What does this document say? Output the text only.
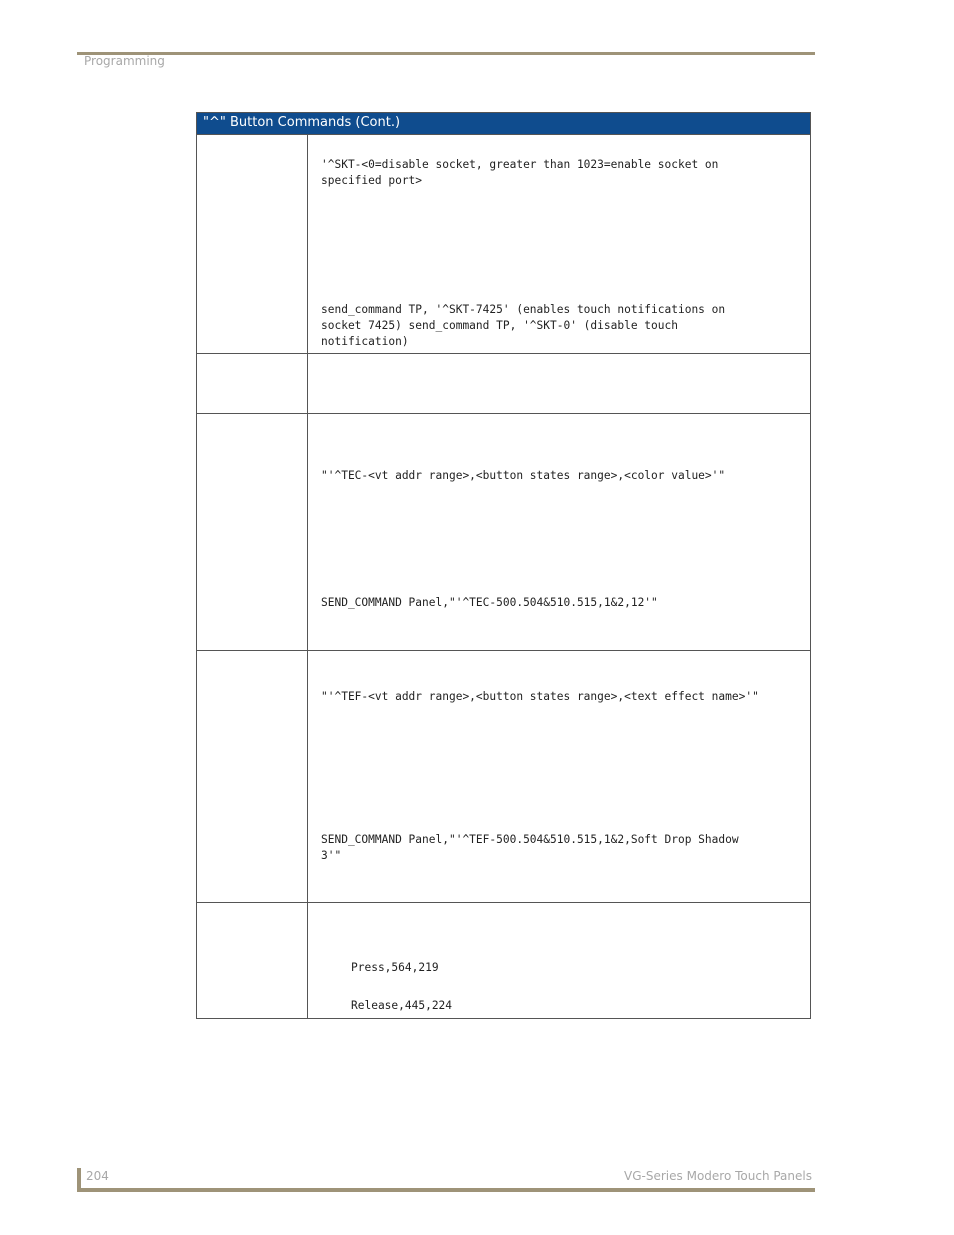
Programming
"^" Button Commands (Cont.)
'^SKT-<0=disable socket, greater than 1023=enable socket on
specified port>
send_command TP, '^SKT-7425' (enables touch notifications on
socket 7425) send_command TP, '^SKT-0' (disable touch
notification)
"'^TEC-<vt addr range>,<button states range>,<color value>'"
SEND_COMMAND Panel,"'^TEC-500.504&510.515,1&2,12'"
"'^TEF-<vt addr range>,<button states range>,<text effect name>'"
SEND_COMMAND Panel,"'^TEF-500.504&510.515,1&2,Soft Drop Shadow
3'"
Press,564,219
Release,445,224
204	VG-Series Modero Touch Panels
